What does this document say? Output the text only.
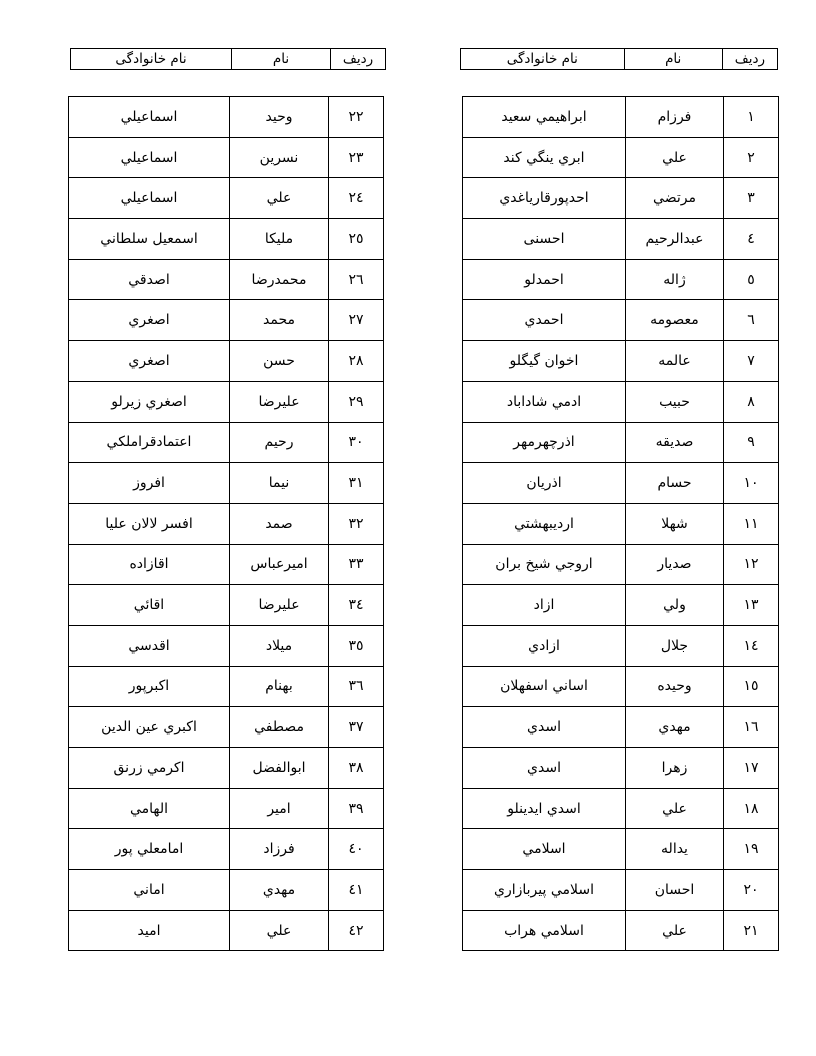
ردیف	نام	نام خانوادگی
ردیف	نام	نام خانوادگی
۱	فرزام	ابراهيمي سعيد
۲	علي	ابري ينگي كند
۳	مرتضي	احدپورقارياغدي
٤	عبدالرحيم	احسنی
٥	ژاله	احمدلو
٦	معصومه	احمدي
۷	عالمه	اخوان گيگلو
۸	حبيب	ادمي شاداباد
۹	صديقه	اذرچهرمهر
۱۰	حسام	اذريان
۱۱	شهلا	ارديبهشتي
۱۲	صديار	اروجي شيخ بران
۱۳	ولي	ازاد
١٤	جلال	ازادي
١٥	وحيده	اساني اسفهلان
١٦	مهدي	اسدي
۱۷	زهرا	اسدي
۱۸	علي	اسدي ايدينلو
۱۹	يداله	اسلامي
۲۰	احسان	اسلامي پيربازاري
۲۱	علي	اسلامي هراب
۲۲	وحيد	اسماعيلي
۲۳	نسرين	اسماعيلي
٢٤	علي	اسماعيلي
٢٥	مليكا	اسمعيل سلطاني
٢٦	محمدرضا	اصدقي
۲۷	محمد	اصغري
۲۸	حسن	اصغري
۲۹	عليرضا	اصغري زيرلو
۳۰	رحيم	اعتمادقراملكي
۳۱	نيما	افروز
۳۲	صمد	افسر لالان عليا
۳۳	اميرعباس	اقازاده
٣٤	عليرضا	اقائي
٣٥	ميلاد	اقدسي
٣٦	بهنام	اكبرپور
۳۷	مصطفي	اكبري عين الدين
۳۸	ابوالفضل	اكرمي زرنق
۳۹	امير	الهامي
٤٠	فرزاد	امامعلي پور
٤١	مهدي	اماني
٤٢	علي	اميد
